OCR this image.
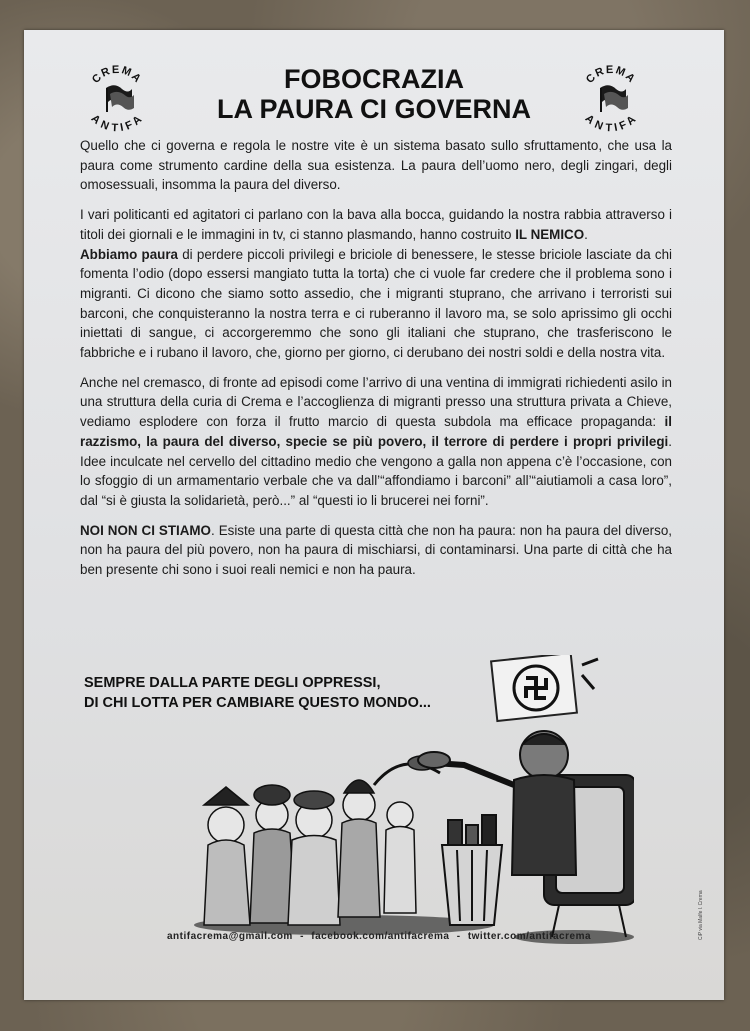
CREMA
ANTIFA
CREMA
ANTIFA
FOBOCRAZIA
LA PAURA CI GOVERNA

Quello che ci governa e regola le nostre vite è un sistema basato sullo sfruttamento, che usa la paura come strumento cardine della sua esistenza. La paura dell’uomo nero, degli zingari, degli omosessuali, insomma la paura del diverso.

I vari politicanti ed agitatori ci parlano con la bava alla bocca, guidando la nostra rabbia attraverso i titoli dei giornali e le immagini in tv, ci stanno plasmando, hanno costruito IL NEMICO.

Abbiamo paura di perdere piccoli privilegi e briciole di benessere, le stesse briciole lasciate da chi fomenta l’odio (dopo essersi mangiato tutta la torta) che ci vuole far credere che il problema sono i migranti. Ci dicono che siamo sotto assedio, che i migranti stuprano, che arrivano i terroristi sui barconi, che conquisteranno la nostra terra e ci ruberanno il lavoro ma, se solo aprissimo gli occhi iniettati di sangue, ci accorgeremmo che sono gli italiani che stuprano, che trasferiscono le fabbriche e i rubano il lavoro, che, giorno per giorno, ci derubano dei nostri soldi e della nostra vita.

Anche nel cremasco, di fronte ad episodi come l’arrivo di una ventina di immigrati richiedenti asilo in una struttura della curia di Crema e l’accoglienza di migranti presso una struttura privata a Chieve, vediamo esplodere con forza il frutto marcio di questa subdola ma efficace propaganda: il razzismo, la paura del diverso, specie se più povero, il terrore di perdere i propri privilegi. Idee inculcate nel cervello del cittadino medio che vengono a galla non appena c’è l’occasione, con lo sfoggio di un armamentario verbale che va dall’“affondiamo i barconi” all’“aiutiamoli a casa loro”, dal “si è giusta la solidarietà, però...” al “questi io li brucerei nei forni”.

NOI NON CI STIAMO. Esiste una parte di questa città che non ha paura: non ha paura del diverso, non ha paura del più povero, non ha paura di mischiarsi, di contaminarsi. Una parte di città che ha ben presente chi sono i suoi reali nemici e non ha paura.

SEMPRE DALLA PARTE DEGLI OPPRESSI,
DI CHI LOTTA PER CAMBIARE QUESTO MONDO...
antifacrema@gmail.com - facebook.com/antifacrema - twitter.com/antifacrema	CiP via Malfe l. Crema
